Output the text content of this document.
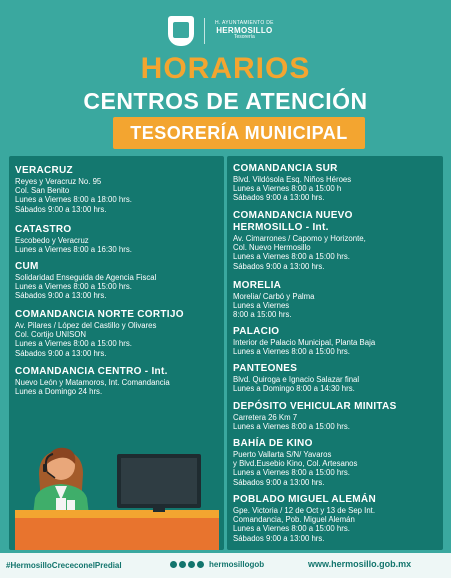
H. AYUNTAMIENTO DE
HERMOSILLO
Tesorería
HORARIOS
CENTROS DE ATENCIÓN
TESORERÍA MUNICIPAL
VERACRUZ
Reyes y Veracruz No. 95
Col. San Benito
Lunes a Viernes 8:00 a 18:00 hrs.
Sábados 9:00 a 13:00 hrs.
CATASTRO
Escobedo y Veracruz
Lunes a Viernes 8:00 a 16:30 hrs.
CUM
Solidaridad Enseguida de Agencia Fiscal
Lunes a Viernes 8:00 a 15:00 hrs.
Sábados 9:00 a 13:00 hrs.
COMANDANCIA NORTE CORTIJO
Av. Pilares / López del Castillo y Olivares
Col. Cortijo UNISON
Lunes a Viernes 8:00 a 15:00 hrs.
Sábados 9:00 a 13:00 hrs.
COMANDANCIA CENTRO - Int.
Nuevo León y Matamoros, Int. Comandancia
Lunes a Domingo 24 hrs.
COMANDANCIA SUR
Blvd. Vildósola Esq. Niños Héroes
Lunes a Viernes 8:00 a 15:00 h
Sábados 9:00 a 13:00 hrs.
COMANDANCIA NUEVO
HERMOSILLO - Int.
Av. Cimarrones / Capomo y Horizonte,
Col. Nuevo Hermosillo
Lunes a Viernes 8:00 a 15:00 hrs.
Sábados 9:00 a 13:00 hrs.
MORELIA
Morelia/ Carbó y Palma
Lunes a Viernes
8:00 a 15:00 hrs.
PALACIO
Interior de Palacio Municipal, Planta Baja
Lunes a Viernes 8:00 a 15:00 hrs.
PANTEONES
Blvd. Quiroga e Ignacio Salazar final
Lunes a Domingo 8:00 a 14:30 hrs.
DEPÓSITO VEHICULAR MINITAS
Carretera 26 Km 7
Lunes a Viernes 8:00 a 15:00 hrs.
BAHÍA DE KINO
Puerto Vallarta S/N/ Yavaros
y Blvd.Eusebio Kino, Col. Artesanos
Lunes a Viernes 8:00 a 15:00 hrs.
Sábados 9:00 a 13:00 hrs.
POBLADO MIGUEL ALEMÁN
Gpe. Victoria / 12 de Oct y 13 de Sep Int.
Comandancia, Pob. Miguel Alemán
Lunes a Viernes 8:00 a 15:00 hrs.
Sábados 9:00 a 13:00 hrs.
#HermosilloCrececonelPredial	hermosillogob	www.hermosillo.gob.mx
